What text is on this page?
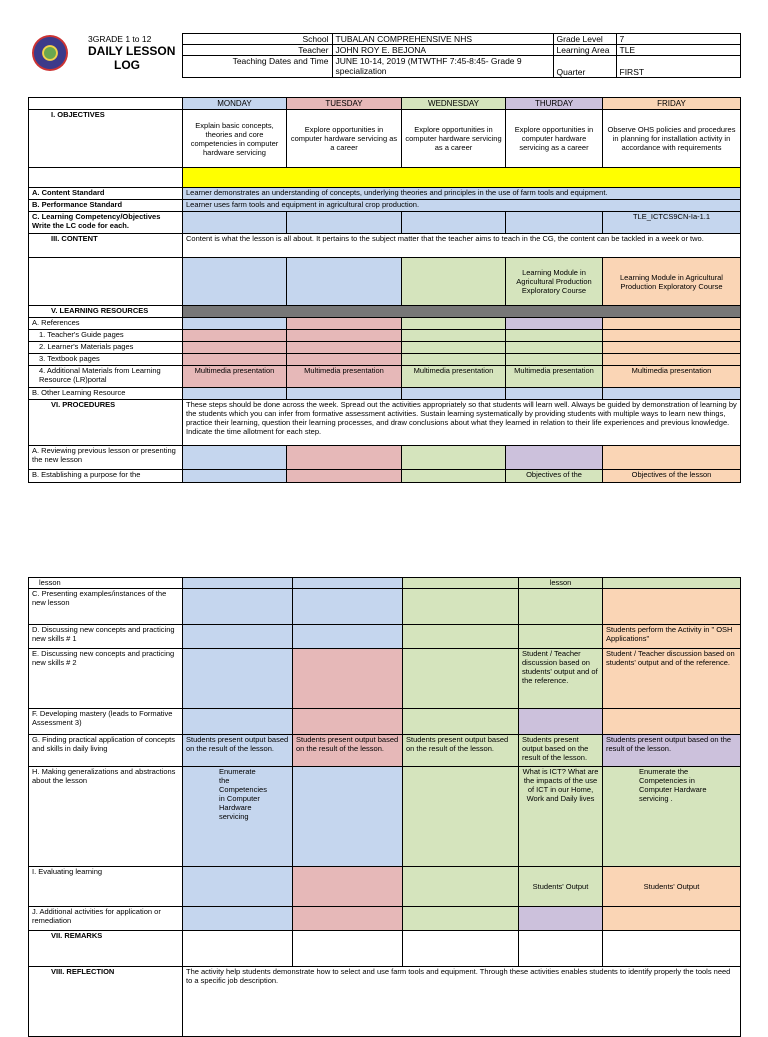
3GRADE 1 to 12
DAILY LESSON
LOG	School	TUBALAN COMPREHENSIVE NHS	Grade Level	7
	Teacher	JOHN ROY E. BEJONA	Learning Area	TLE
	Teaching Dates and Time	JUNE 10-14, 2019 (MTWTHF 7:45-8:45- Grade 9 specialization	Quarter	FIRST
	MONDAY	TUESDAY	WEDNESDAY	THURDAY	FRIDAY
I. OBJECTIVES	Explain basic concepts, theories and core competencies in computer hardware servicing	Explore opportunities in computer hardware servicing as a career	Explore opportunities in computer hardware servicing as a career	Explore opportunities in computer hardware servicing as a career	Observe OHS policies and procedures in planning for installation activity in accordance with requirements

A. Content Standard	Learner demonstrates an understanding of concepts, underlying theories and principles in the use of farm tools and equipment.				
B. Performance Standard	Learner uses farm tools and equipment in agricultural crop production.				
C. Learning Competency/Objectives Write the LC code for each.					TLE_ICTCS9CN-Ia-1.1
III. CONTENT	Content is what the lesson is all about. It pertains to the subject matter that the teacher aims to teach in the CG, the content can be tackled in a week or two.				
				Learning Module in Agricultural Production Exploratory Course	Learning Module in Agricultural Production Exploratory Course
V. LEARNING RESOURCES					
A. References					
1. Teacher's Guide pages					
2. Learner's Materials pages					
3. Textbook pages					
4. Additional Materials from Learning Resource (LR)portal	Multimedia presentation	Multimedia presentation	Multimedia presentation	Multimedia presentation	Multimedia presentation
B. Other Learning Resource					
VI. PROCEDURES	These steps should be done across the week. Spread out the activities appropriately so that students will learn well. Always be guided by demonstration of learning by the students which you can infer from formative assessment activities. Sustain learning systematically by providing students with multiple ways to learn new things, practice their learning, question their learning processes, and draw conclusions about what they learned in relation to their life experiences and previous knowledge. Indicate the time allotment for each step.				
A. Reviewing previous lesson or presenting the new lesson					
B. Establishing a purpose for the				Objectives of the	Objectives of the lesson
lesson				lesson	
C. Presenting examples/instances of the new lesson					
D. Discussing new concepts and practicing new skills # 1					Students perform the Activity in " OSH Applications"
E. Discussing new concepts and practicing new skills # 2				Student / Teacher discussion based on students' output and of the reference.	Student / Teacher discussion based on students' output and of the reference.
F. Developing mastery (leads to Formative Assessment 3)					
G. Finding practical application of concepts and skills in daily living	Students present output based on the result of the lesson.	Students present output based on the result of the lesson.	Students present output based on the result of the lesson.	Students present output based on the result of the lesson.	Students present output based on the result of the lesson.
H. Making generalizations and abstractions about the lesson	Enumerate the Competencies in Computer Hardware servicing			What is ICT? What are the impacts of the use of ICT in our Home, Work and Daily lives	Enumerate the Competencies in Computer Hardware servicing .
I. Evaluating learning				Students' Output	Students' Output
J. Additional activities for application or remediation					
VII. REMARKS					
VIII. REFLECTION	The activity help students demonstrate how to select and use farm tools and equipment. Through these activities enables students to identify properly the tools need to a specific job description.				
